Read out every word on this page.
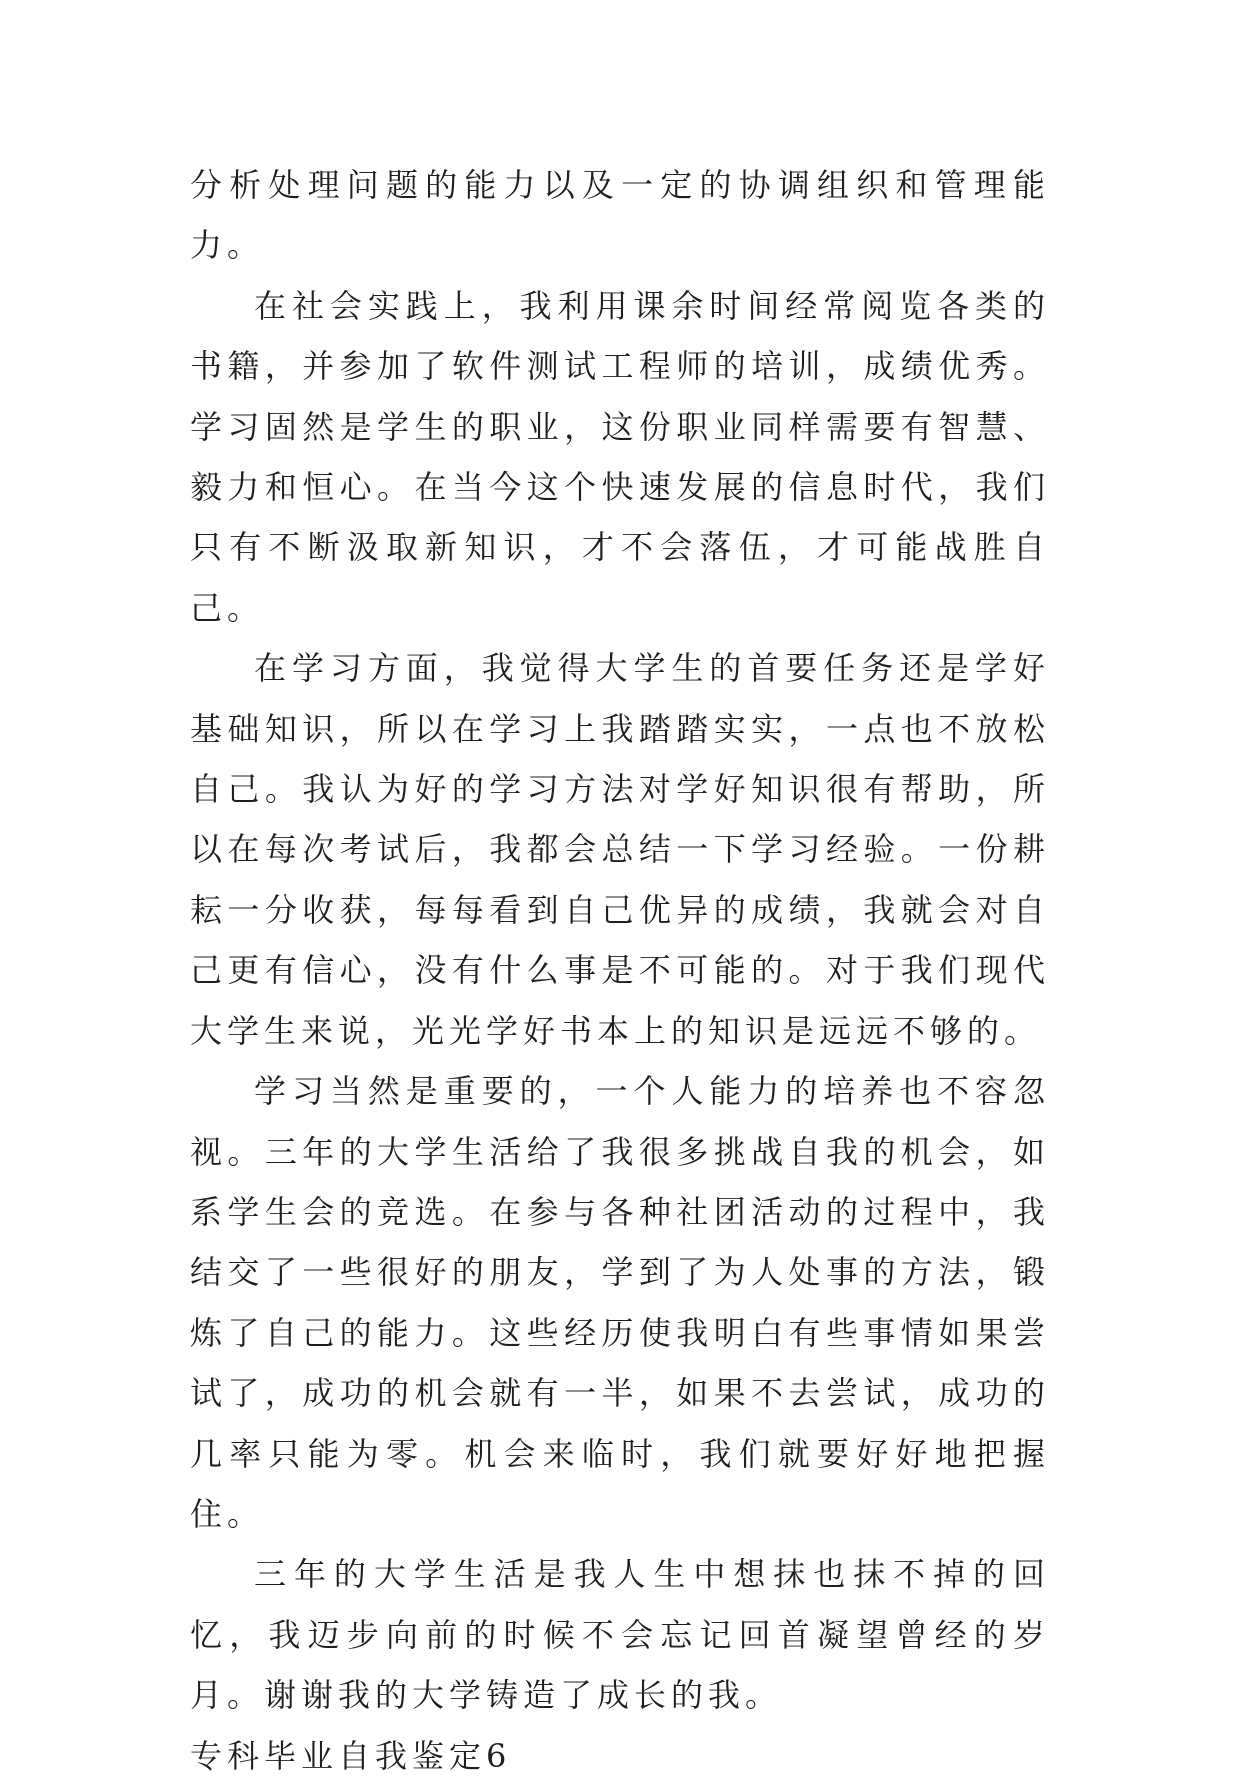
分析处理问题的能力以及一定的协调组织和管理能力。

在社会实践上，我利用课余时间经常阅览各类的书籍，并参加了软件测试工程师的培训，成绩优秀。学习固然是学生的职业，这份职业同样需要有智慧、毅力和恒心。在当今这个快速发展的信息时代，我们只有不断汲取新知识，才不会落伍，才可能战胜自己。

在学习方面，我觉得大学生的首要任务还是学好基础知识，所以在学习上我踏踏实实，一点也不放松自己。我认为好的学习方法对学好知识很有帮助，所以在每次考试后，我都会总结一下学习经验。一份耕耘一分收获，每每看到自己优异的成绩，我就会对自己更有信心，没有什么事是不可能的。对于我们现代大学生来说，光光学好书本上的知识是远远不够的。

学习当然是重要的，一个人能力的培养也不容忽视。三年的大学生活给了我很多挑战自我的机会，如系学生会的竞选。在参与各种社团活动的过程中，我结交了一些很好的朋友，学到了为人处事的方法，锻炼了自己的能力。这些经历使我明白有些事情如果尝试了，成功的机会就有一半，如果不去尝试，成功的几率只能为零。机会来临时，我们就要好好地把握住。

三年的大学生活是我人生中想抹也抹不掉的回忆，我迈步向前的时候不会忘记回首凝望曾经的岁月。谢谢我的大学铸造了成长的我。

专科毕业自我鉴定6
